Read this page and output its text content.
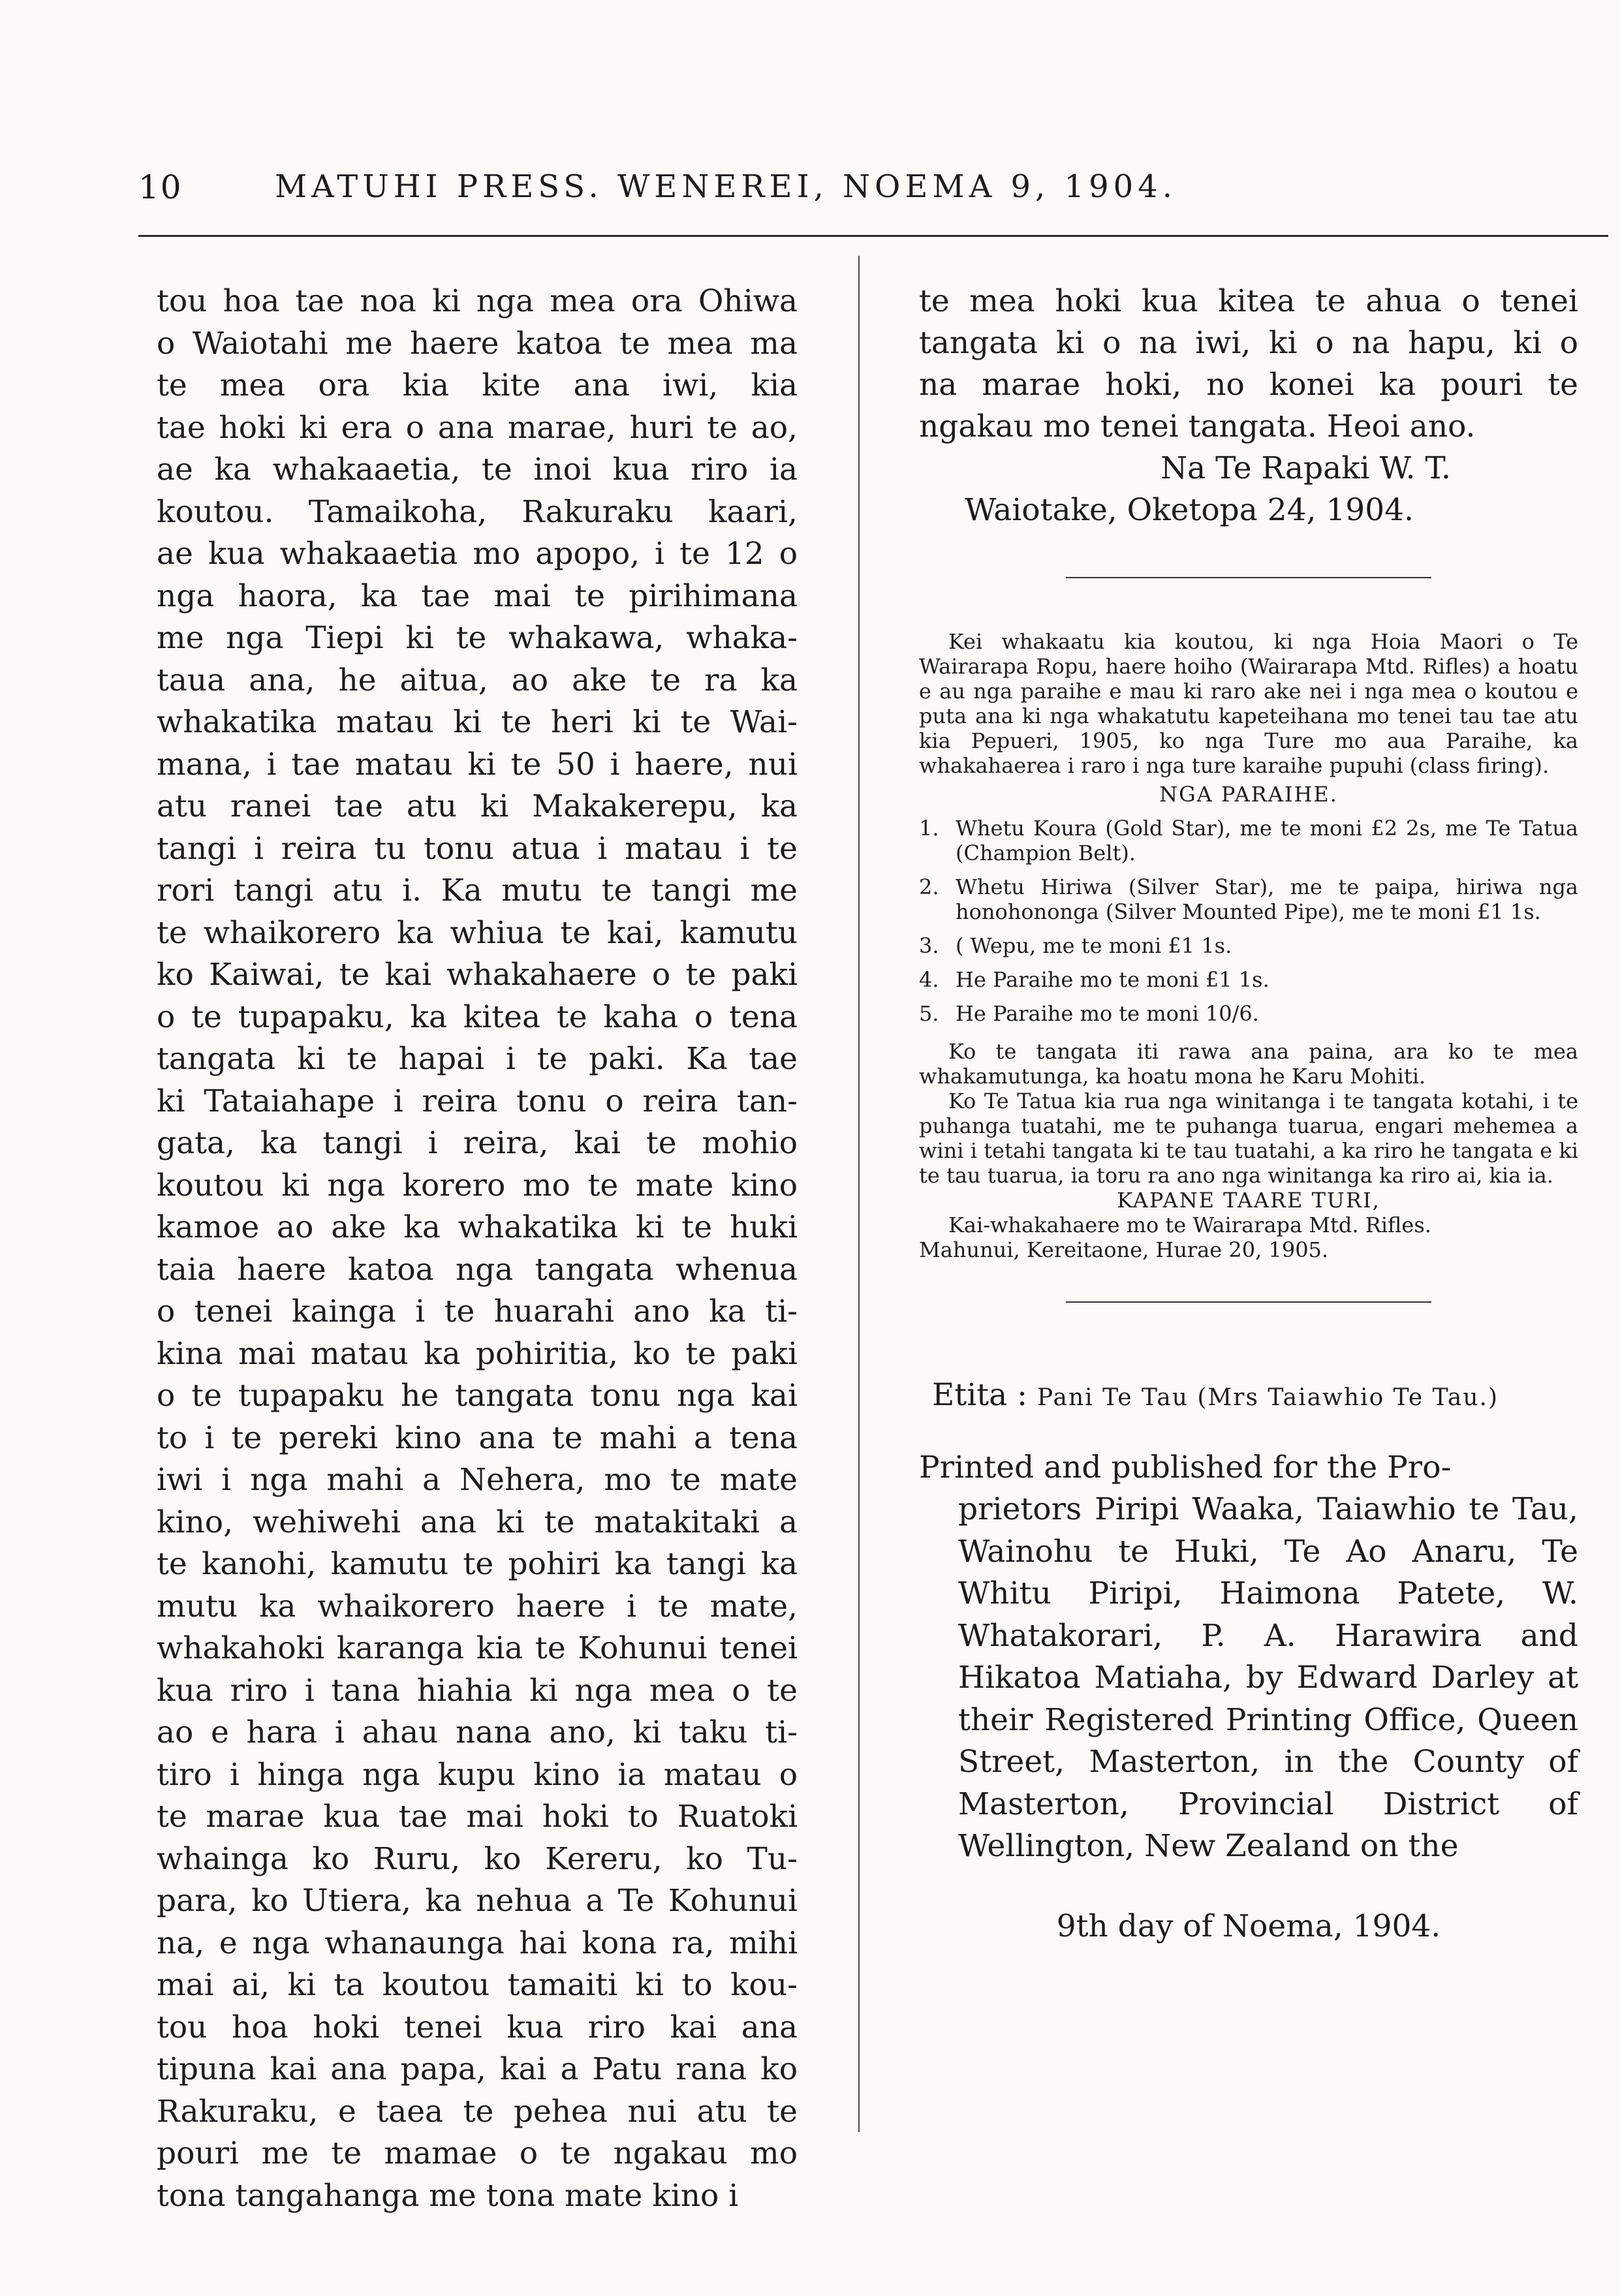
10	MATUHI PRESS. WENEREI, NOEMA 9, 1904.

tou hoa tae noa ki nga mea ora Ohiwa

o Waiotahi me haere katoa te mea ma

te mea ora kia kite ana iwi, kia

tae hoki ki era o ana marae, huri te ao,

ae ka whakaaetia, te inoi kua riro ia

koutou. Tamaikoha, Rakuraku kaari,

ae kua whakaaetia mo apopo, i te 12 o

nga haora, ka tae mai te pirihimana

me nga Tiepi ki te whakawa, whaka-

taua ana, he aitua, ao ake te ra ka

whakatika matau ki te heri ki te Wai-

mana, i tae matau ki te 50 i haere, nui

atu ranei tae atu ki Makakerepu, ka

tangi i reira tu tonu atua i matau i te

rori tangi atu i. Ka mutu te tangi me

te whaikorero ka whiua te kai, kamutu

ko Kaiwai, te kai whakahaere o te paki

o te tupapaku, ka kitea te kaha o tena

tangata ki te hapai i te paki. Ka tae

ki Tataiahape i reira tonu o reira tan-

gata, ka tangi i reira, kai te mohio

koutou ki nga korero mo te mate kino

kamoe ao ake ka whakatika ki te huki

taia haere katoa nga tangata whenua

o tenei kainga i te huarahi ano ka ti-

kina mai matau ka pohiritia, ko te paki

o te tupapaku he tangata tonu nga kai

to i te pereki kino ana te mahi a tena

iwi i nga mahi a Nehera, mo te mate

kino, wehiwehi ana ki te matakitaki a

te kanohi, kamutu te pohiri ka tangi ka

mutu ka whaikorero haere i te mate,

whakahoki karanga kia te Kohunui tenei

kua riro i tana hiahia ki nga mea o te

ao e hara i ahau nana ano, ki taku ti-

tiro i hinga nga kupu kino ia matau o

te marae kua tae mai hoki to Ruatoki

whainga ko Ruru, ko Kereru, ko Tu-

para, ko Utiera, ka nehua a Te Kohunui

na, e nga whanaunga hai kona ra, mihi

mai ai, ki ta koutou tamaiti ki to kou-

tou hoa hoki tenei kua riro kai ana

tipuna kai ana papa, kai a Patu rana ko

Rakuraku, e taea te pehea nui atu te

pouri me te mamae o te ngakau mo

tona tangahanga me tona mate kino i

te mea hoki kua kitea te ahua o tenei

tangata ki o na iwi, ki o na hapu, ki o

na marae hoki, no konei ka pouri te

ngakau mo tenei tangata. Heoi ano.

Na Te Rapaki W. T.

Waiotake, Oketopa 24, 1904.

Kei whakaatu kia koutou, ki nga Hoia Maori o Te Wairarapa Ropu, haere hoiho (Wairarapa Mtd. Rifles) a hoatu e au nga paraihe e mau ki raro ake nei i nga mea o koutou e puta ana ki nga whakatutu kapeteihana mo tenei tau tae atu kia Pepueri, 1905, ko nga Ture mo aua Paraihe, ka whakahaerea i raro i nga ture karaihe pupuhi (class firing).

NGA PARAIHE.

1. Whetu Koura (Gold Star), me te moni £2 2s, me Te Tatua (Champion Belt).
2. Whetu Hiriwa (Silver Star), me te paipa, hiriwa nga honohononga (Silver Mounted Pipe), me te moni £1 1s.
3. ( Wepu, me te moni £1 1s.
4. He Paraihe mo te moni £1 1s.
5. He Paraihe mo te moni 10/6.

Ko te tangata iti rawa ana paina, ara ko te mea whakamutunga, ka hoatu mona he Karu Mohiti.

Ko Te Tatua kia rua nga winitanga i te tangata kotahi, i te puhanga tuatahi, me te puhanga tuarua, engari mehemea a wini i tetahi tangata ki te tau tuatahi, a ka riro he tangata e ki te tau tuarua, ia toru ra ano nga winitanga ka riro ai, kia ia.

KAPANE TAARE TURI,

Kai-whakahaere mo te Wairarapa Mtd. Rifles.

Mahunui, Kereitaone, Hurae 20, 1905.

Etita : Pani Te Tau (Mrs Taiawhio Te Tau.)

Printed and published for the Pro-
prietors Piripi Waaka, Taiawhio te Tau, Wainohu te Huki, Te Ao Anaru, Te Whitu Piripi, Haimona Patete, W. Whatakorari, P. A. Harawira and Hikatoa Matiaha, by Edward Darley at their Registered Printing Office, Queen Street, Masterton, in the County of Masterton, Provincial District of Wellington, New Zealand on the

9th day of Noema, 1904.
